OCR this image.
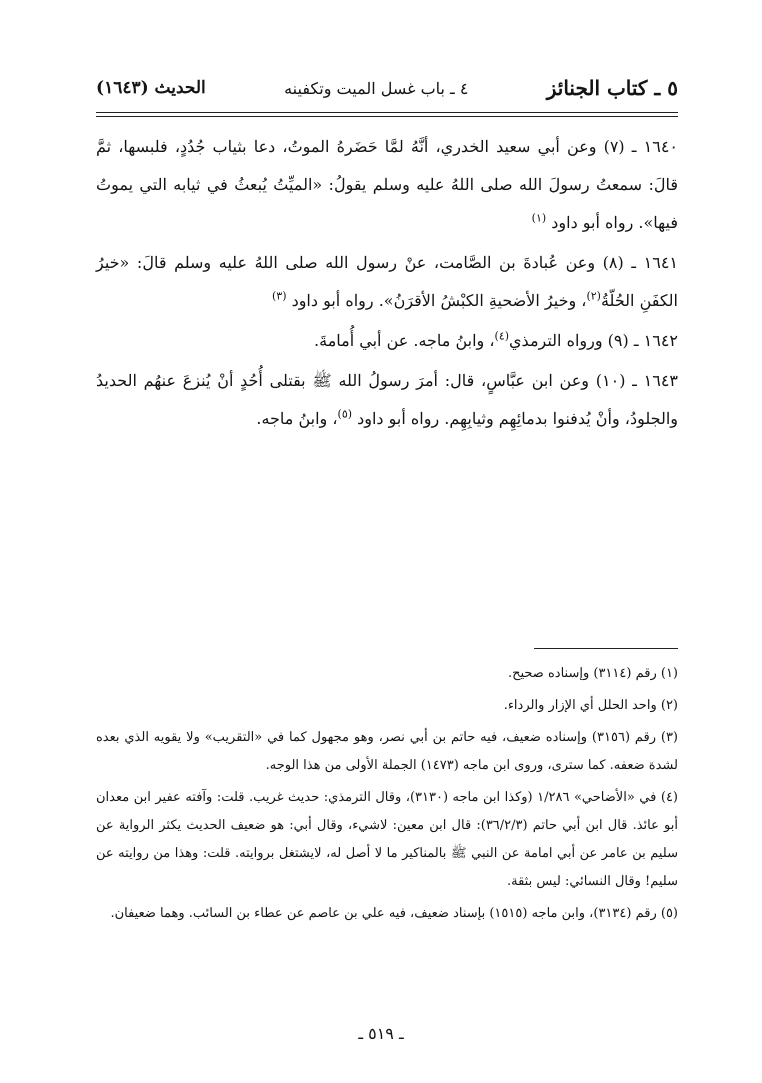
٥ ـ كتاب الجنائز
٤ ـ باب غسل الميت وتكفينه
الحديث (١٦٤٣)

١٦٤٠ ـ (٧) وعن أبي سعيد الخدري، أنَّهُ لمَّا حَضَرهُ الموتُ، دعا بثياب جُدُدٍ، فلبسها، ثمَّ قالَ: سمعتُ رسولَ الله صلى اللهُ عليه وسلم يقولُ: «الميِّتُ يُبعثُ في ثيابه التي يموتُ فيها». رواه أبو داود $^{(١)}$

١٦٤١ ـ (٨) وعن عُبادةَ بن الصَّامت، عنْ رسول الله صلى اللهُ عليه وسلم قالَ: «خيرُ الكفَنِ الحُلّةُ$^{(٢)}$، وخيرُ الأضحيةِ الكبْشُ الأقرَنُ». رواه أبو داود $^{(٣)}$

١٦٤٢ ـ (٩) ورواه الترمذي$^{(٤)}$، وابنُ ماجه. عن أبي أُمامةَ.

١٦٤٣ ـ (١٠) وعن ابن عبَّاسٍ، قال: أمرَ رسولُ الله ﷺ بقتلى أُحُدٍ أنْ يُنزعَ عنهُم الحديدُ والجلودُ، وأنْ يُدفنوا بدمائِهِم وثيابِهِم. رواه أبو داود $^{(٥)}$، وابنُ ماجه.

(١) رقم (٣١١٤) وإسناده صحيح.

(٢) واحد الحلل أي الإزار والرداء.

(٣) رقم (٣١٥٦) وإسناده ضعيف، فيه حاتم بن أبي نصر، وهو مجهول كما في «التقريب» ولا يقويه الذي بعده لشدة ضعفه. كما سترى، وروى ابن ماجه (١٤٧٣) الجملة الأولى من هذا الوجه.

(٤) في «الأضاحي» ١/٢٨٦ (وكذا ابن ماجه (٣١٣٠)، وقال الترمذي: حديث غريب. قلت: وآفته عفير ابن معدان أبو عائذ. قال ابن أبي حاتم (٣٦/٢/٣): قال ابن معين: لاشيء، وقال أبي: هو ضعيف الحديث يكثر الرواية عن سليم بن عامر عن أبي امامة عن النبي ﷺ بالمناكير ما لا أصل له، لايشتغل بروايته. قلت: وهذا من روايته عن سليم! وقال النسائي: ليس بثقة.

(٥) رقم (٣١٣٤)، وابن ماجه (١٥١٥) بإسناد ضعيف، فيه علي بن عاصم عن عطاء بن السائب. وهما ضعيفان.

ـ ٥١٩ ـ
